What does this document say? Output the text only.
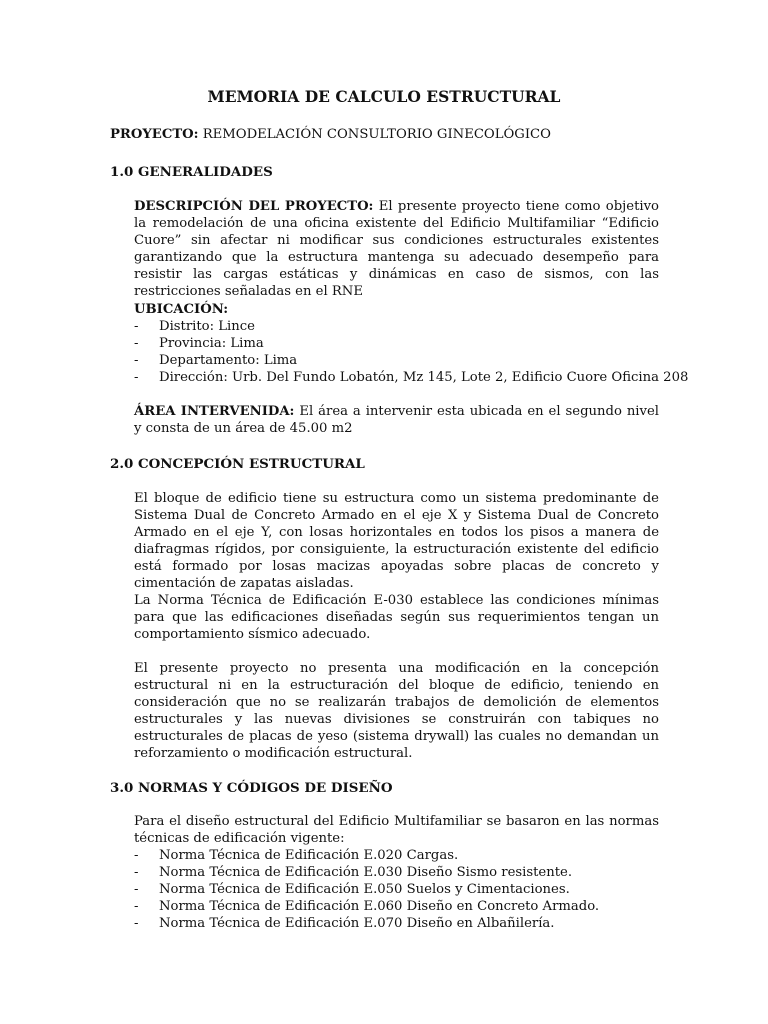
MEMORIA DE CALCULO ESTRUCTURAL
PROYECTO: REMODELACIÓN CONSULTORIO GINECOLÓGICO
1.0 GENERALIDADES

DESCRIPCIÓN DEL PROYECTO: El presente proyecto tiene como objetivo la remodelación de una oficina existente del Edificio Multifamiliar “Edificio Cuore” sin afectar ni modificar sus condiciones estructurales existentes garantizando que la estructura mantenga su adecuado desempeño para resistir las cargas estáticas y dinámicas en caso de sismos, con las restricciones señaladas en el RNE

UBICACIÓN:
- Distrito: Lince
- Provincia: Lima
- Departamento: Lima
- Dirección: Urb. Del Fundo Lobatón, Mz 145, Lote 2, Edificio Cuore Oficina 208

ÁREA INTERVENIDA: El área a intervenir esta ubicada en el segundo nivel y consta de un área de 45.00 m2

2.0 CONCEPCIÓN ESTRUCTURAL

El bloque de edificio tiene su estructura como un sistema predominante de Sistema Dual de Concreto Armado en el eje X y Sistema Dual de Concreto Armado en el eje Y, con losas horizontales en todos los pisos a manera de diafragmas rígidos, por consiguiente, la estructuración existente del edificio está formado por losas macizas apoyadas sobre placas de concreto y cimentación de zapatas aisladas.

La Norma Técnica de Edificación E-030 establece las condiciones mínimas para que las edificaciones diseñadas según sus requerimientos tengan un comportamiento sísmico adecuado.

El presente proyecto no presenta una modificación en la concepción estructural ni en la estructuración del bloque de edificio, teniendo en consideración que no se realizarán trabajos de demolición de elementos estructurales y las nuevas divisiones se construirán con tabiques no estructurales de placas de yeso (sistema drywall) las cuales no demandan un reforzamiento o modificación estructural.

3.0 NORMAS Y CÓDIGOS DE DISEÑO

Para el diseño estructural del Edificio Multifamiliar se basaron en las normas técnicas de edificación vigente:

- Norma Técnica de Edificación E.020 Cargas.
- Norma Técnica de Edificación E.030 Diseño Sismo resistente.
- Norma Técnica de Edificación E.050 Suelos y Cimentaciones.
- Norma Técnica de Edificación E.060 Diseño en Concreto Armado.
- Norma Técnica de Edificación E.070 Diseño en Albañilería.
